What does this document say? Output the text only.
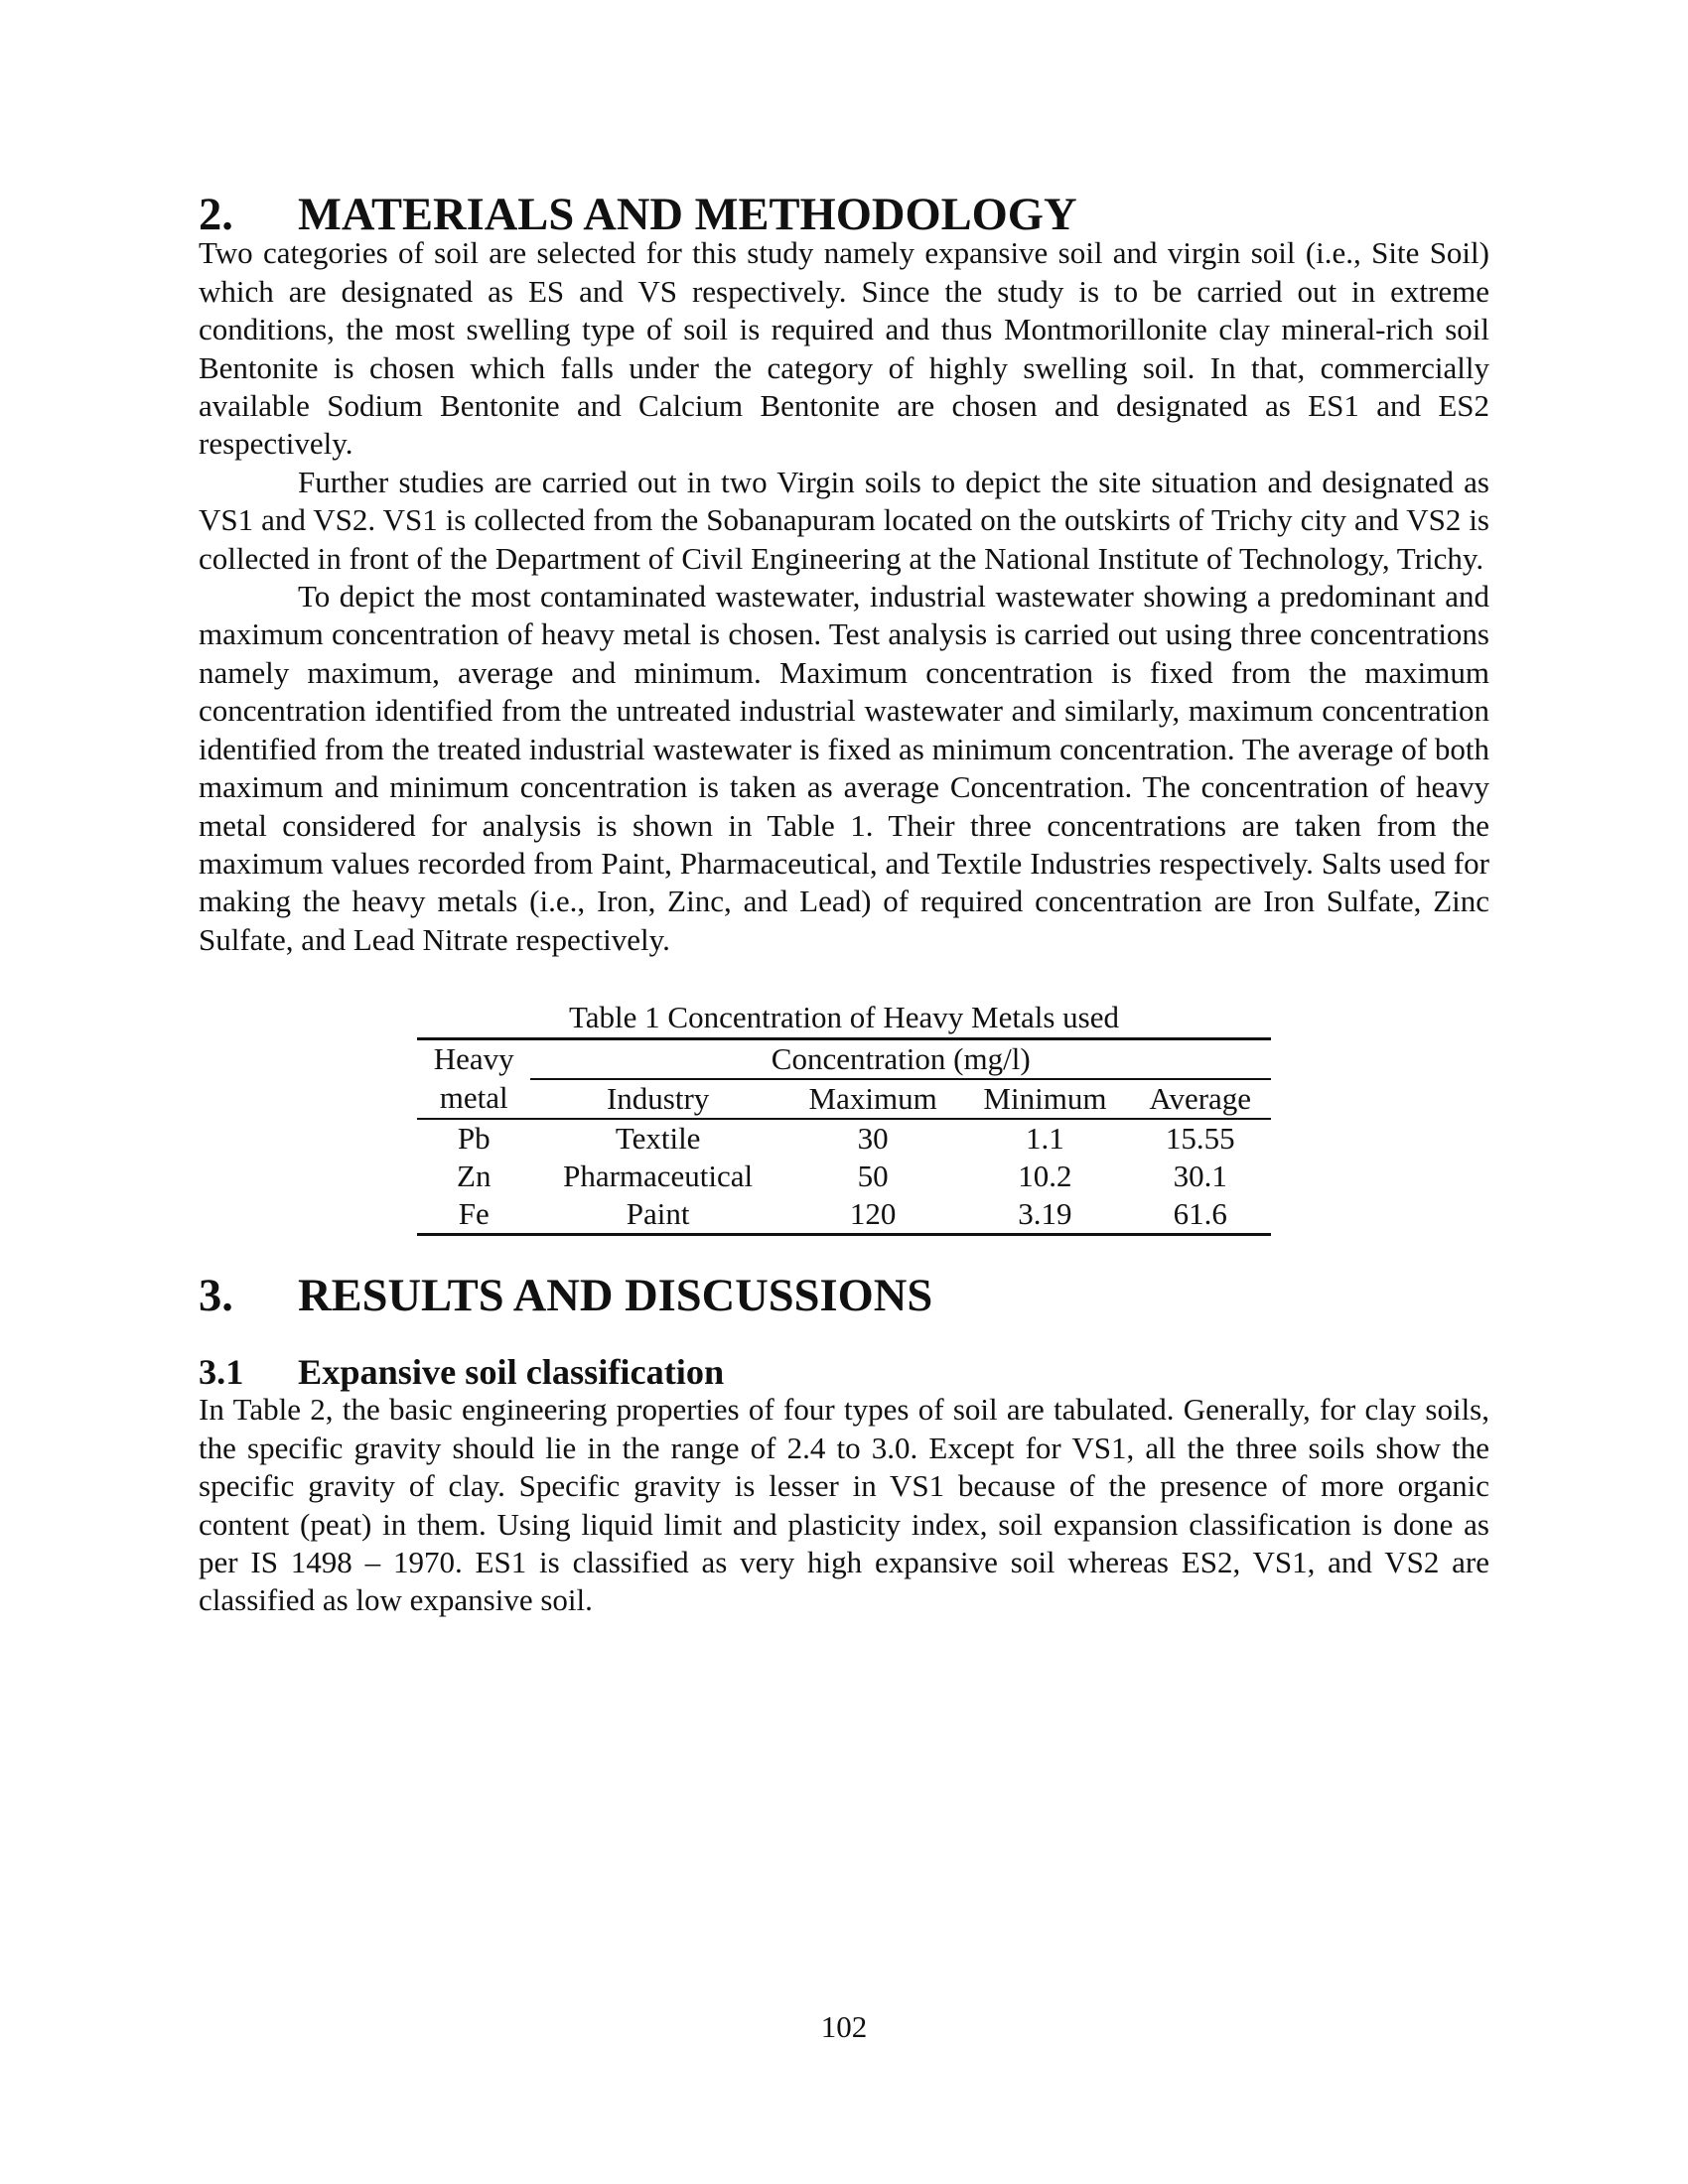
2.	MATERIALS AND METHODOLOGY

Two categories of soil are selected for this study namely expansive soil and virgin soil (i.e., Site Soil) which are designated as ES and VS respectively. Since the study is to be carried out in extreme conditions, the most swelling type of soil is required and thus Montmorillonite clay mineral-rich soil Bentonite is chosen which falls under the category of highly swelling soil. In that, commercially available Sodium Bentonite and Calcium Bentonite are chosen and designated as ES1 and ES2 respectively.

Further studies are carried out in two Virgin soils to depict the site situation and designated as VS1 and VS2. VS1 is collected from the Sobanapuram located on the outskirts of Trichy city and VS2 is collected in front of the Department of Civil Engineering at the National Institute of Technology, Trichy.

To depict the most contaminated wastewater, industrial wastewater showing a predominant and maximum concentration of heavy metal is chosen. Test analysis is carried out using three concentrations namely maximum, average and minimum. Maximum concentration is fixed from the maximum concentration identified from the untreated industrial wastewater and similarly, maximum concentration identified from the treated industrial wastewater is fixed as minimum concentration. The average of both maximum and minimum concentration is taken as average Concentration. The concentration of heavy metal considered for analysis is shown in Table 1. Their three concentrations are taken from the maximum values recorded from Paint, Pharmaceutical, and Textile Industries respectively. Salts used for making the heavy metals (i.e., Iron, Zinc, and Lead) of required concentration are Iron Sulfate, Zinc Sulfate, and Lead Nitrate respectively.

Table 1 Concentration of Heavy Metals used

Heavy	Concentration (mg/l)			
metal	Industry	Maximum	Minimum	Average
Pb	Textile	30	1.1	15.55
Zn	Pharmaceutical	50	10.2	30.1
Fe	Paint	120	3.19	61.6
3.	RESULTS AND DISCUSSIONS
3.1	Expansive soil classification

In Table 2, the basic engineering properties of four types of soil are tabulated. Generally, for clay soils, the specific gravity should lie in the range of 2.4 to 3.0. Except for VS1, all the three soils show the specific gravity of clay. Specific gravity is lesser in VS1 because of the presence of more organic content (peat) in them. Using liquid limit and plasticity index, soil expansion classification is done as per IS 1498 – 1970. ES1 is classified as very high expansive soil whereas ES2, VS1, and VS2 are classified as low expansive soil.

102
